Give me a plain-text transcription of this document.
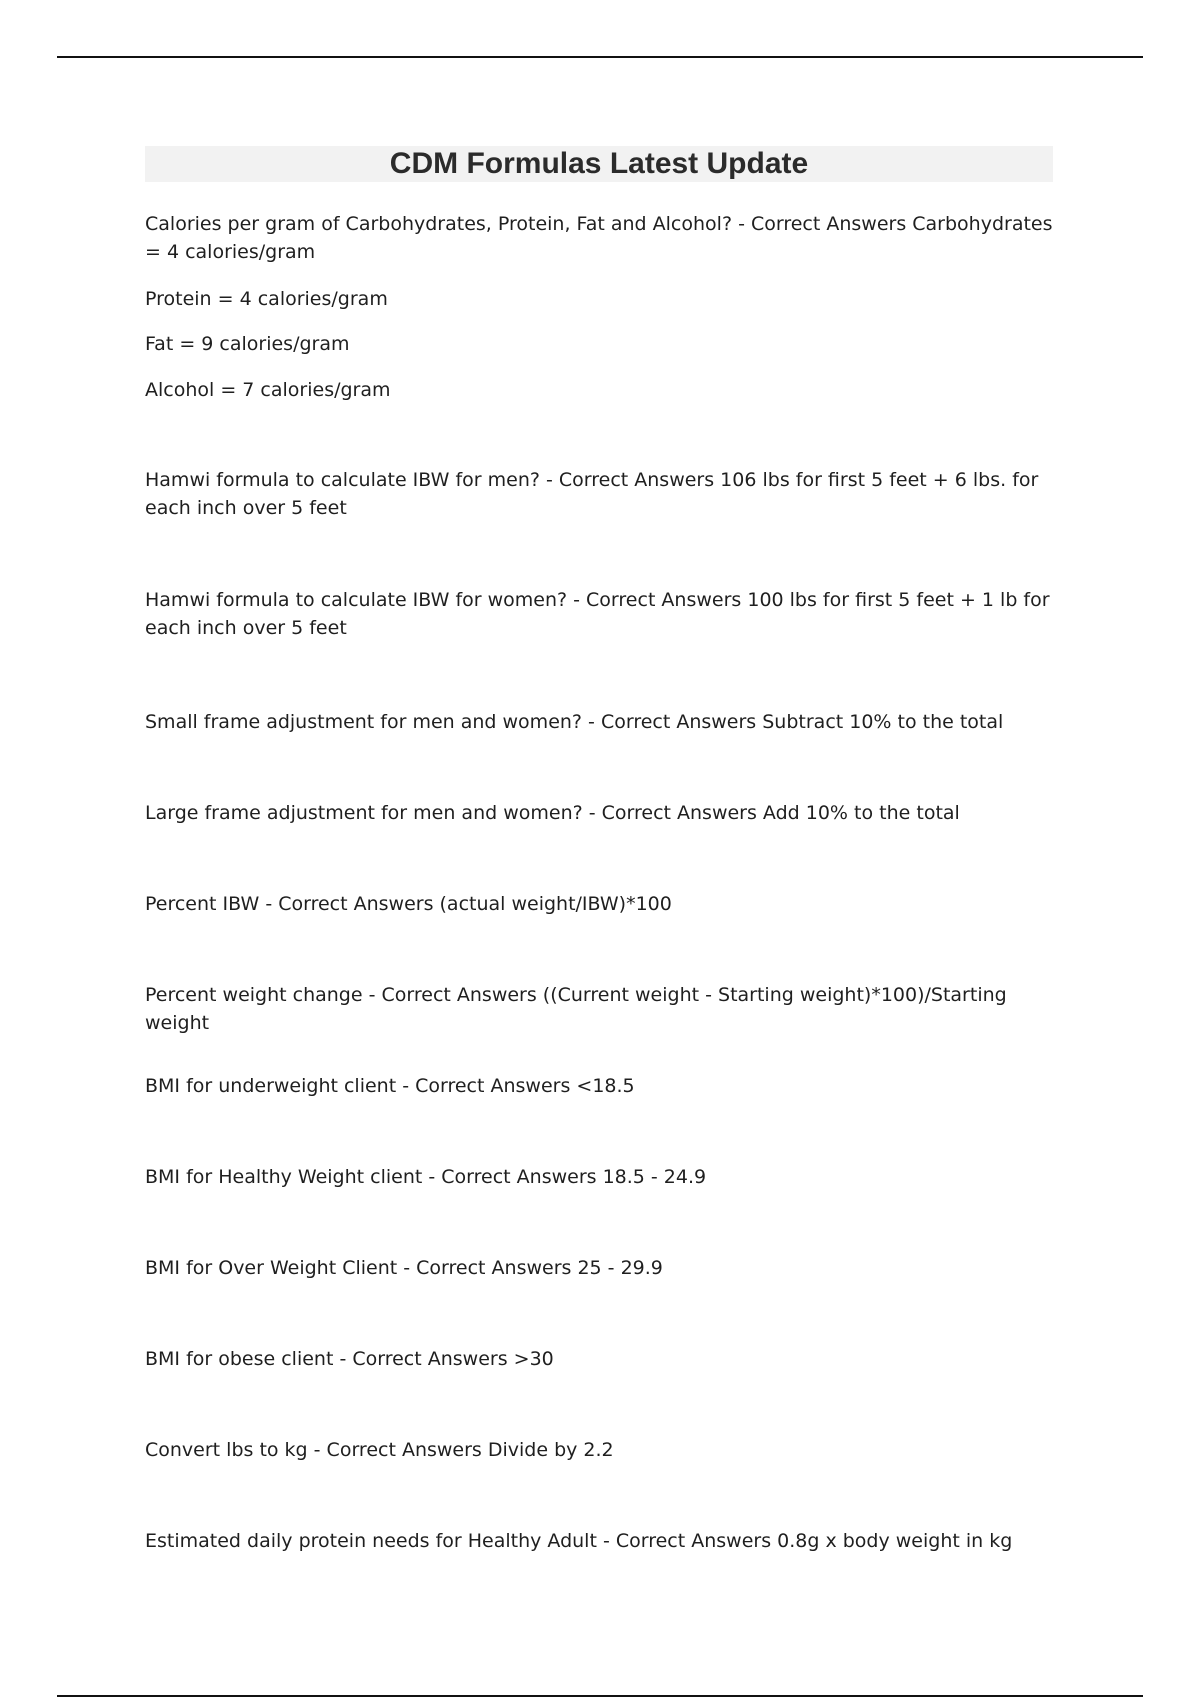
CDM Formulas Latest Update

Calories per gram of Carbohydrates, Protein, Fat and Alcohol? - Correct Answers Carbohydrates = 4 calories/gram

Protein = 4 calories/gram

Fat = 9 calories/gram

Alcohol = 7 calories/gram

Hamwi formula to calculate IBW for men? - Correct Answers 106 lbs for first 5 feet + 6 lbs. for each inch over 5 feet

Hamwi formula to calculate IBW for women? - Correct Answers 100 lbs for first 5 feet + 1 lb for each inch over 5 feet

Small frame adjustment for men and women? - Correct Answers Subtract 10% to the total

Large frame adjustment for men and women? - Correct Answers Add 10% to the total

Percent IBW - Correct Answers (actual weight/IBW)*100

Percent weight change - Correct Answers ((Current weight - Starting weight)*100)/Starting weight

BMI for underweight client - Correct Answers <18.5

BMI for Healthy Weight client - Correct Answers 18.5 - 24.9

BMI for Over Weight Client - Correct Answers 25 - 29.9

BMI for obese client - Correct Answers >30

Convert lbs to kg - Correct Answers Divide by 2.2

Estimated daily protein needs for Healthy Adult - Correct Answers 0.8g x body weight in kg
